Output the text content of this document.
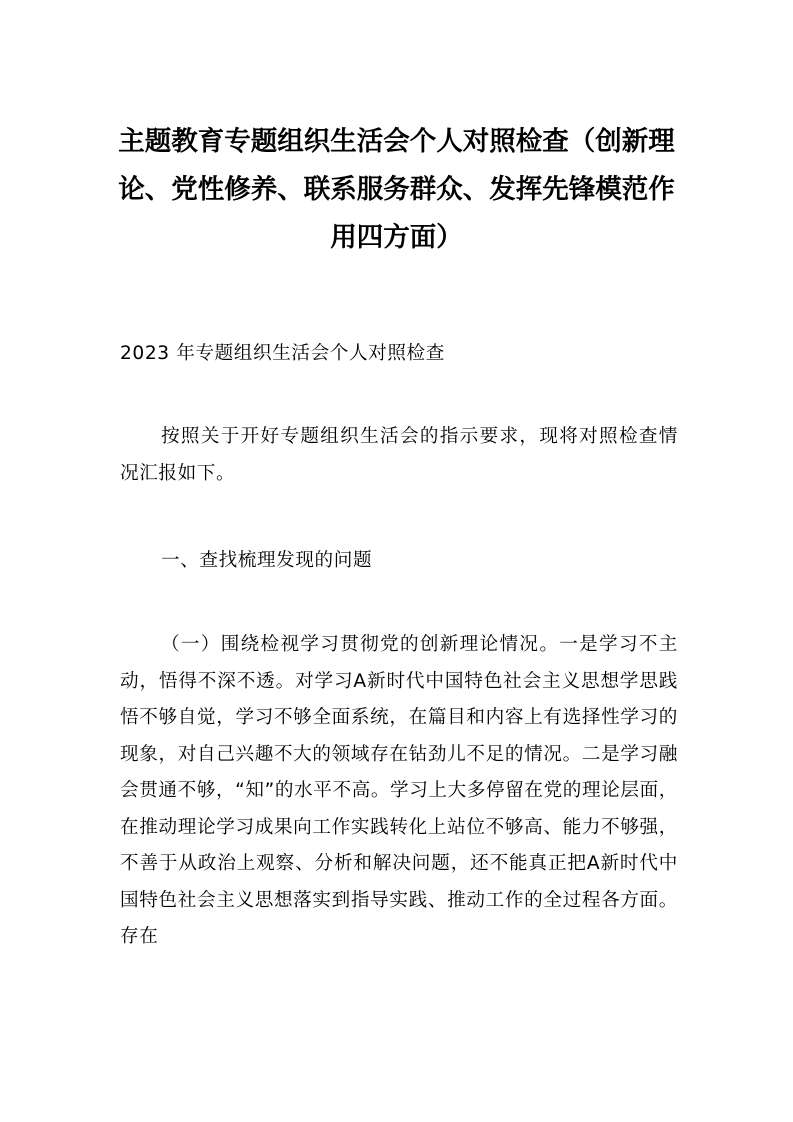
主题教育专题组织生活会个人对照检查（创新理论、党性修养、联系服务群众、发挥先锋模范作用四方面）

2023 年专题组织生活会个人对照检查

按照关于开好专题组织生活会的指示要求，现将对照检查情况汇报如下。

一、查找梳理发现的问题

（一）围绕检视学习贯彻党的创新理论情况。一是学习不主动，悟得不深不透。对学习A新时代中国特色社会主义思想学思践悟不够自觉，学习不够全面系统，在篇目和内容上有选择性学习的现象，对自己兴趣不大的领域存在钻劲儿不足的情况。二是学习融会贯通不够，“知”的水平不高。学习上大多停留在党的理论层面，在推动理论学习成果向工作实践转化上站位不够高、能力不够强，不善于从政治上观察、分析和解决问题，还不能真正把A新时代中国特色社会主义思想落实到指导实践、推动工作的全过程各方面。存在
